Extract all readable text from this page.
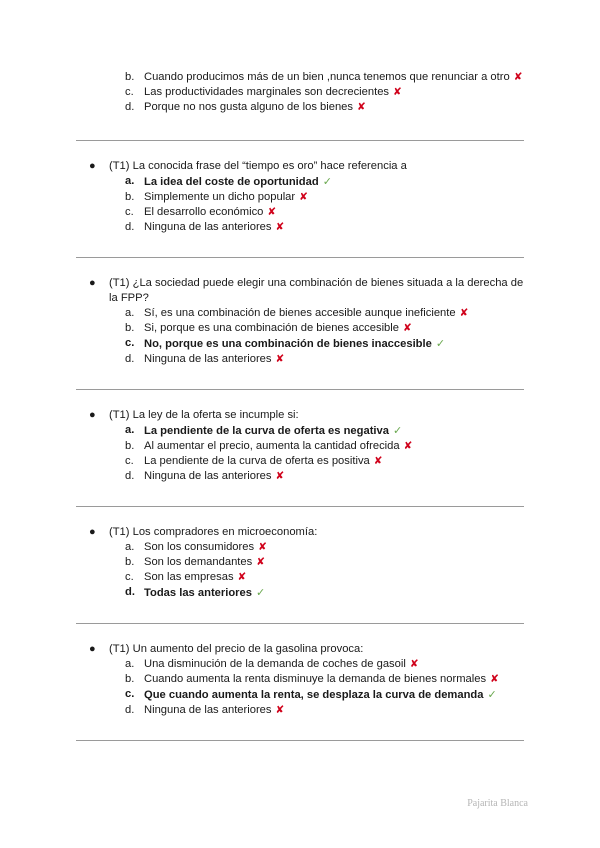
b. Cuando producimos más de un bien ,nunca tenemos que renunciar a otro ✘
c. Las productividades marginales son decrecientes ✘
d. Porque no nos gusta alguno de los bienes ✘
● (T1) La conocida frase del “tiempo es oro” hace referencia a
a. La idea del coste de oportunidad ✓
b. Simplemente un dicho popular ✘
c. El desarrollo económico ✘
d. Ninguna de las anteriores ✘
● (T1) ¿La sociedad puede elegir una combinación de bienes situada a la derecha de la FPP?
a. Sí, es una combinación de bienes accesible aunque ineficiente ✘
b. Si, porque es una combinación de bienes accesible ✘
c. No, porque es una combinación de bienes inaccesible ✓
d. Ninguna de las anteriores ✘
● (T1) La ley de la oferta se incumple si:
a. La pendiente de la curva de oferta es negativa ✓
b. Al aumentar el precio, aumenta la cantidad ofrecida ✘
c. La pendiente de la curva de oferta es positiva ✘
d. Ninguna de las anteriores ✘
● (T1) Los compradores en microeconomía:
a. Son los consumidores ✘
b. Son los demandantes ✘
c. Son las empresas ✘
d. Todas las anteriores ✓
● (T1) Un aumento del precio de la gasolina provoca:
a. Una disminución de la demanda de coches de gasoil ✘
b. Cuando aumenta la renta disminuye la demanda de bienes normales ✘
c. Que cuando aumenta la renta, se desplaza la curva de demanda ✓
d. Ninguna de las anteriores ✘
Pajarita Blanca
